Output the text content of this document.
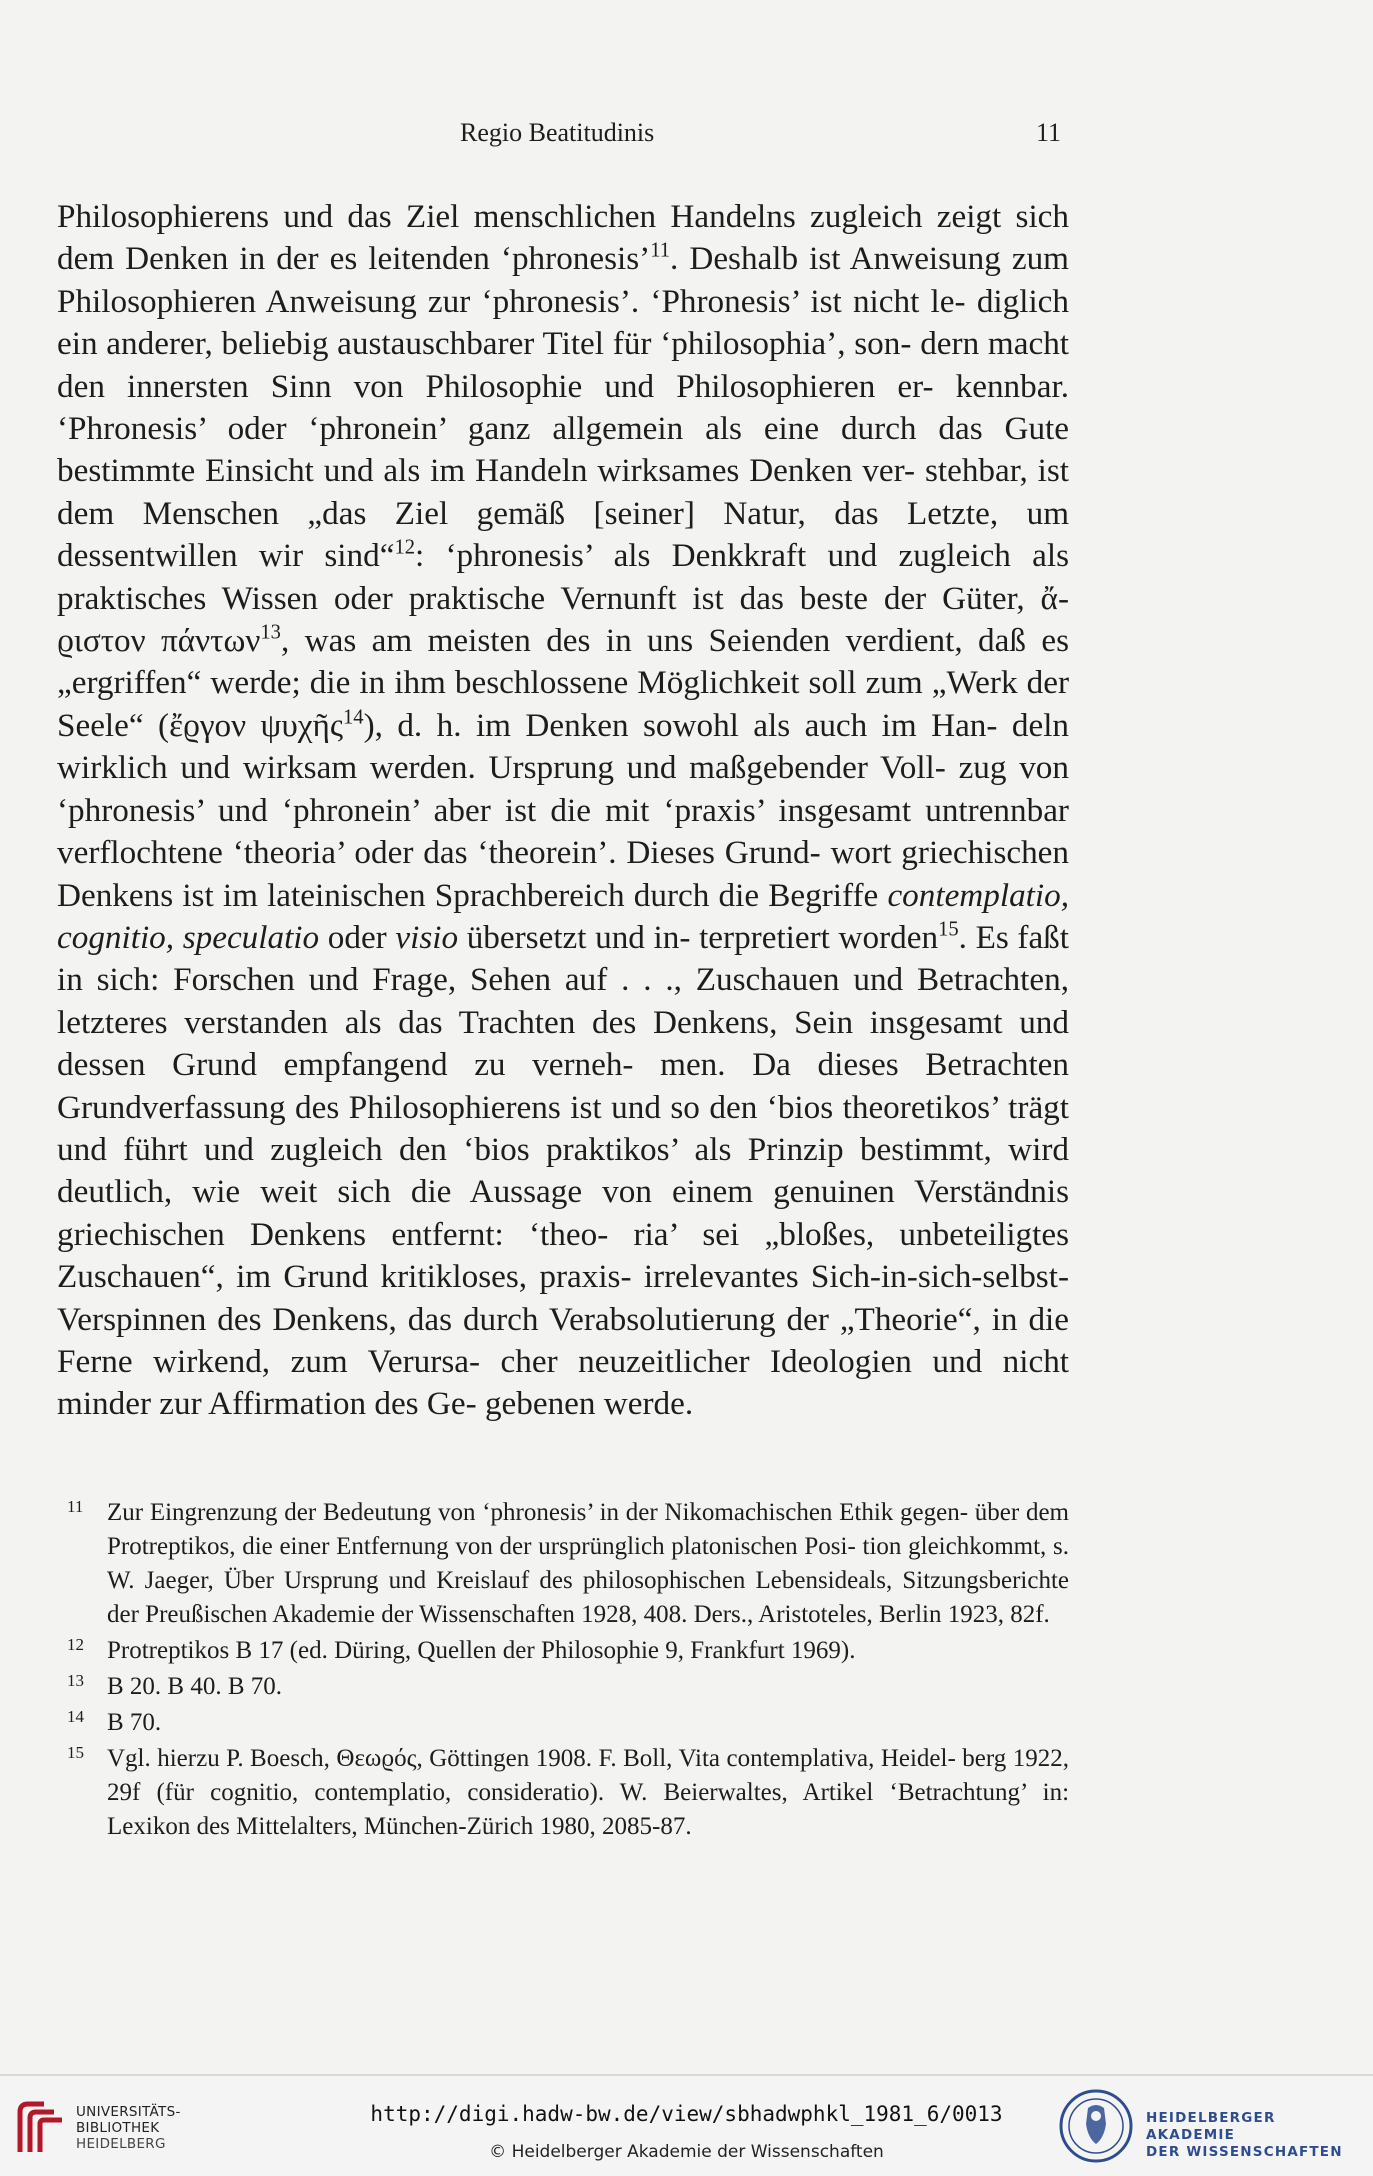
Regio Beatitudinis	11

Philosophierens und das Ziel menschlichen Handelns zugleich zeigt sich dem Denken in der es leitenden ‘phronesis’$^{11}$. Deshalb ist Anweisung zum Philosophieren Anweisung zur ‘phronesis’. ‘Phronesis’ ist nicht le- diglich ein anderer, beliebig austauschbarer Titel für ‘philosophia’, son- dern macht den innersten Sinn von Philosophie und Philosophieren er- kennbar. ‘Phronesis’ oder ‘phronein’ ganz allgemein als eine durch das Gute bestimmte Einsicht und als im Handeln wirksames Denken ver- stehbar, ist dem Menschen „das Ziel gemäß [seiner] Natur, das Letzte, um dessentwillen wir sind“$^{12}$: ‘phronesis’ als Denkkraft und zugleich als praktisches Wissen oder praktische Vernunft ist das beste der Güter, ἄ- ϱιστον πάντων$^{13}$, was am meisten des in uns Seienden verdient, daß es „ergriffen“ werde; die in ihm beschlossene Möglichkeit soll zum „Werk der Seele“ (ἔϱγον ψυχῆς$^{14}$), d. h. im Denken sowohl als auch im Han- deln wirklich und wirksam werden. Ursprung und maßgebender Voll- zug von ‘phronesis’ und ‘phronein’ aber ist die mit ‘praxis’ insgesamt untrennbar verflochtene ‘theoria’ oder das ‘theorein’. Dieses Grund- wort griechischen Denkens ist im lateinischen Sprachbereich durch die Begriffe contemplatio, cognitio, speculatio oder visio übersetzt und in- terpretiert worden$^{15}$. Es faßt in sich: Forschen und Frage, Sehen auf . . ., Zuschauen und Betrachten, letzteres verstanden als das Trachten des Denkens, Sein insgesamt und dessen Grund empfangend zu verneh- men. Da dieses Betrachten Grundverfassung des Philosophierens ist und so den ‘bios theoretikos’ trägt und führt und zugleich den ‘bios praktikos’ als Prinzip bestimmt, wird deutlich, wie weit sich die Aussage von einem genuinen Verständnis griechischen Denkens entfernt: ‘theo- ria’ sei „bloßes, unbeteiligtes Zuschauen“, im Grund kritikloses, praxis- irrelevantes Sich-in-sich-selbst-Verspinnen des Denkens, das durch Verabsolutierung der „Theorie“, in die Ferne wirkend, zum Verursa- cher neuzeitlicher Ideologien und nicht minder zur Affirmation des Ge- gebenen werde.

11 Zur Eingrenzung der Bedeutung von ‘phronesis’ in der Nikomachischen Ethik gegen- über dem Protreptikos, die einer Entfernung von der ursprünglich platonischen Posi- tion gleichkommt, s. W. Jaeger, Über Ursprung und Kreislauf des philosophischen Lebensideals, Sitzungsberichte der Preußischen Akademie der Wissenschaften 1928, 408. Ders., Aristoteles, Berlin 1923, 82f.
12 Protreptikos B 17 (ed. Düring, Quellen der Philosophie 9, Frankfurt 1969).
13 B 20. B 40. B 70.
14 B 70.
15 Vgl. hierzu P. Boesch, Θεωϱός, Göttingen 1908. F. Boll, Vita contemplativa, Heidel- berg 1922, 29f (für cognitio, contemplatio, consideratio). W. Beierwaltes, Artikel ‘Betrachtung’ in: Lexikon des Mittelalters, München-Zürich 1980, 2085-87.
UNIVERSITÄTS-
BIBLIOTHEK
HEIDELBERG
http://digi.hadw-bw.de/view/sbhadwphkl_1981_6/0013
© Heidelberger Akademie der Wissenschaften
HEIDELBERGER AKADEMIE
DER WISSENSCHAFTEN
